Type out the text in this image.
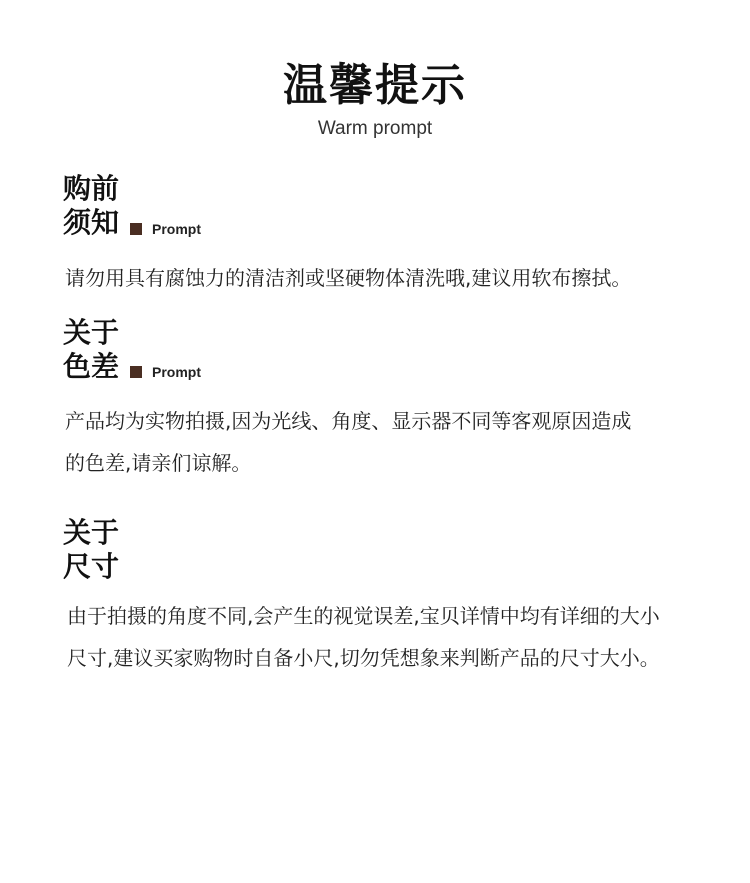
温馨提示
Warm prompt
购前
须知 Prompt
请勿用具有腐蚀力的清洁剂或坚硬物体清洗哦,建议用软布擦拭。
关于
色差 Prompt
产品均为实物拍摄,因为光线、角度、显示器不同等客观原因造成
的色差,请亲们谅解。
关于
尺寸
由于拍摄的角度不同,会产生的视觉误差,宝贝详情中均有详细的大小
尺寸,建议买家购物时自备小尺,切勿凭想象来判断产品的尺寸大小。
